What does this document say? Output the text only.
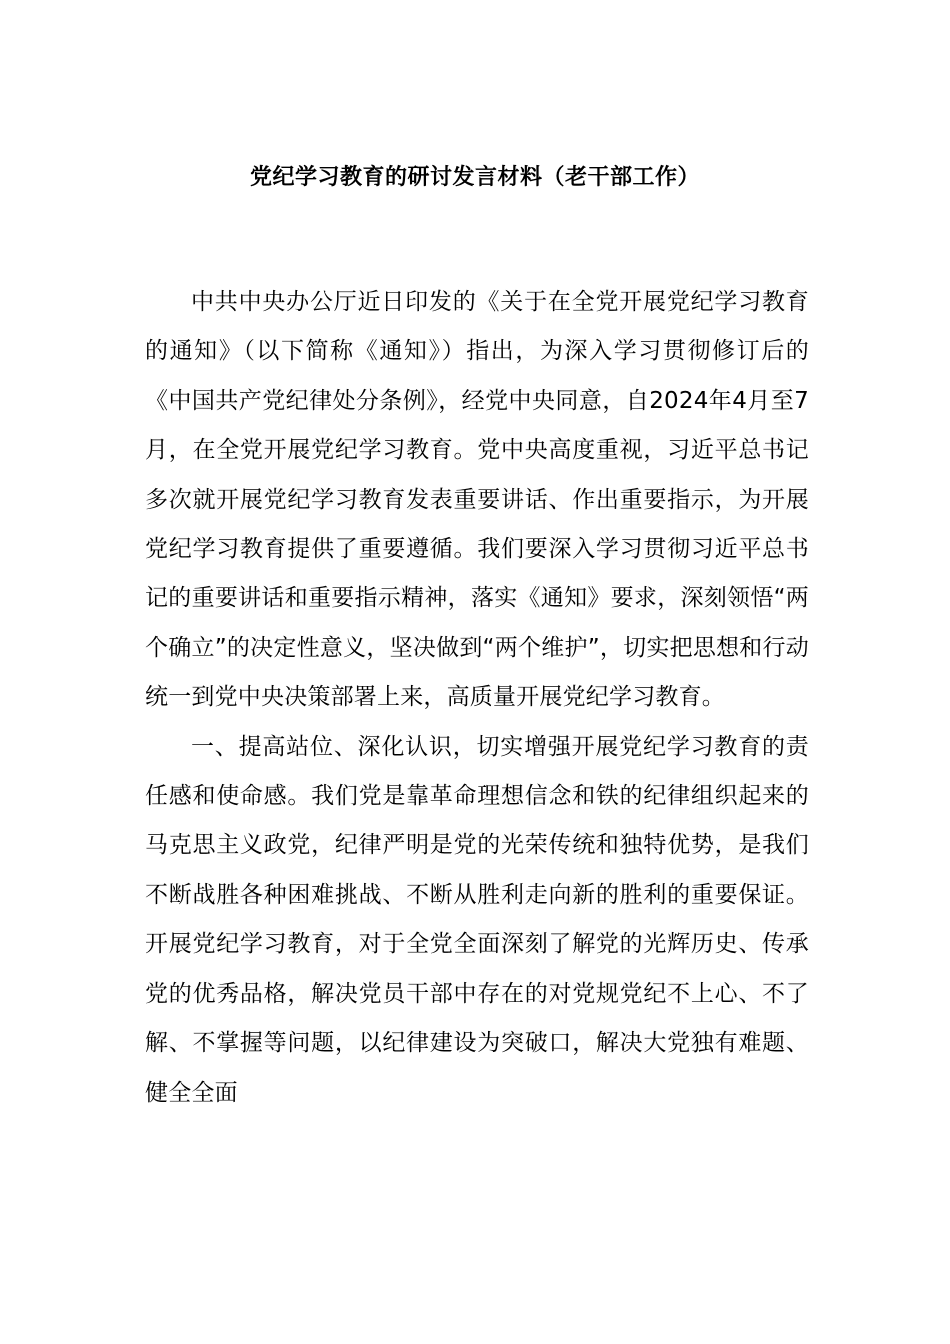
党纪学习教育的研讨发言材料（老干部工作）

中共中央办公厅近日印发的《关于在全党开展党纪学习教育的通知》（以下简称《通知》）指出，为深入学习贯彻修订后的《中国共产党纪律处分条例》，经党中央同意，自2024年4月至7月，在全党开展党纪学习教育。党中央高度重视，习近平总书记多次就开展党纪学习教育发表重要讲话、作出重要指示，为开展党纪学习教育提供了重要遵循。我们要深入学习贯彻习近平总书记的重要讲话和重要指示精神，落实《通知》要求，深刻领悟“两个确立”的决定性意义，坚决做到“两个维护”，切实把思想和行动统一到党中央决策部署上来，高质量开展党纪学习教育。

一、提高站位、深化认识，切实增强开展党纪学习教育的责任感和使命感。我们党是靠革命理想信念和铁的纪律组织起来的马克思主义政党，纪律严明是党的光荣传统和独特优势，是我们不断战胜各种困难挑战、不断从胜利走向新的胜利的重要保证。开展党纪学习教育，对于全党全面深刻了解党的光辉历史、传承党的优秀品格，解决党员干部中存在的对党规党纪不上心、不了解、不掌握等问题，以纪律建设为突破口，解决大党独有难题、健全全面
